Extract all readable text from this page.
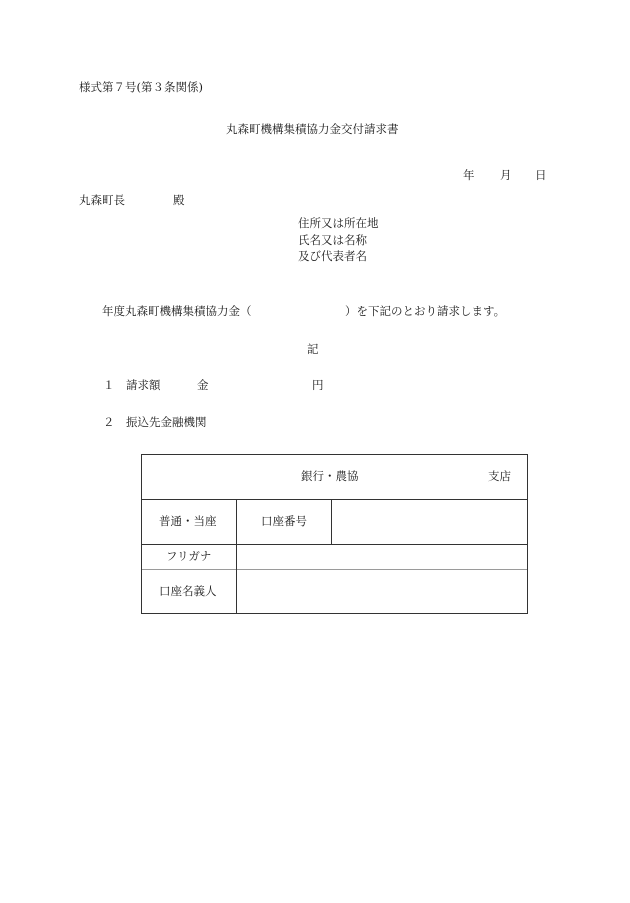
様式第７号(第３条関係)
丸森町機構集積協力金交付請求書
年 月 日
丸森町長	殿
住所又は所在地
氏名又は名称
及び代表者名
年度丸森町機構集積協力金（	）を下記のとおり請求します。
記
１ 請求額	金	円
２ 振込先金融機関
銀行・農協	支店
普通・当座	口座番号
フリガナ
口座名義人
